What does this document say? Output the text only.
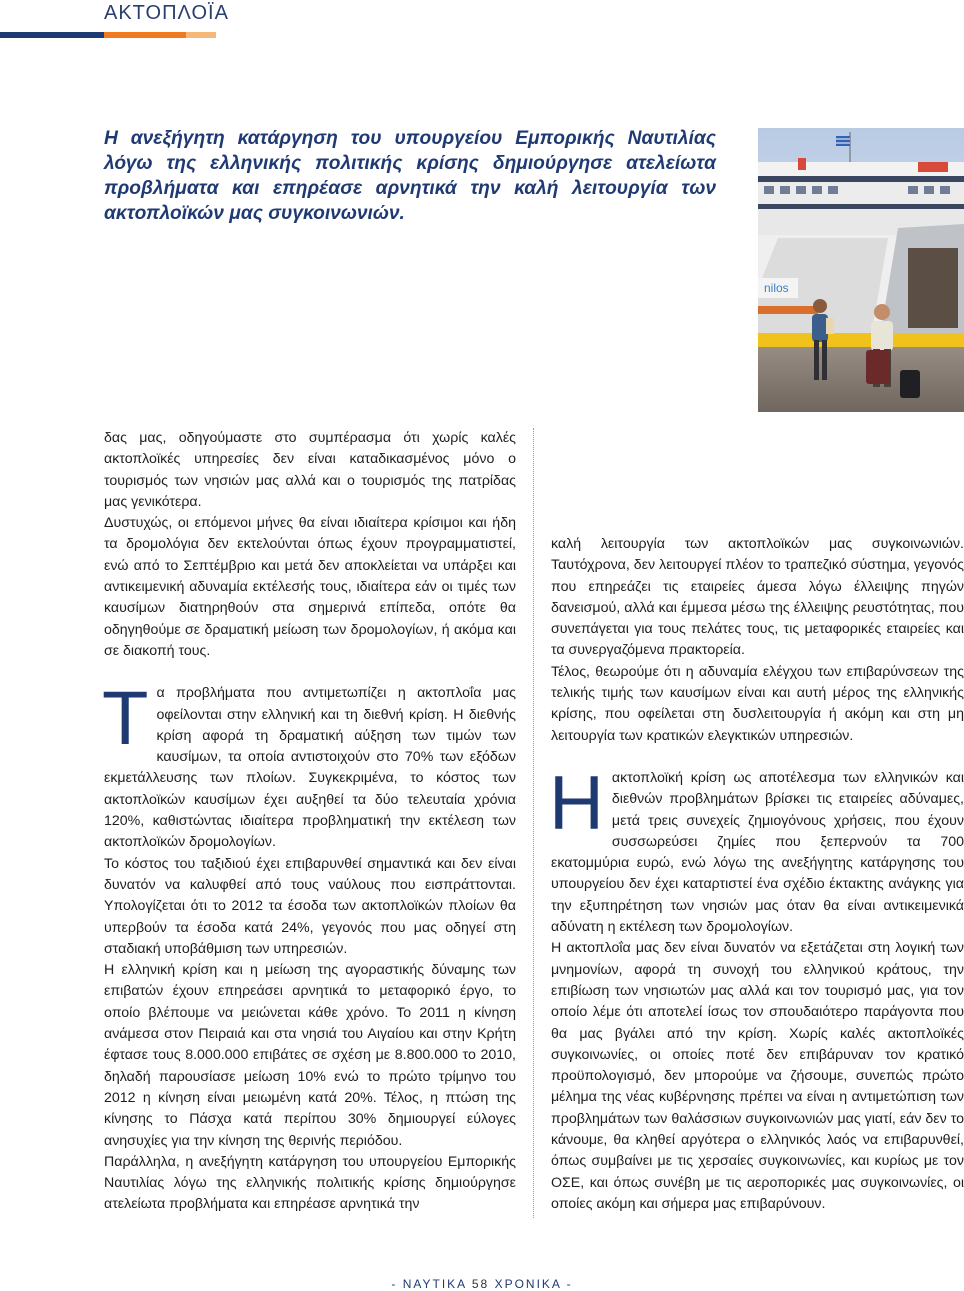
ΑΚΤΟΠΛΟΪΑ

Η ανεξήγητη κατάργηση του υπουργείου Εμπορικής Ναυτιλίας λόγω της ελληνικής πολιτικής κρίσης δημιούργησε ατελείωτα προβλήματα και επηρέασε αρνητικά την καλή λειτουργία των ακτοπλοϊκών μας συγκοινωνιών.

nilos

δας μας, οδηγούμαστε στο συμπέρασμα ότι χωρίς καλές ακτοπλοϊκές υπηρεσίες δεν είναι καταδικασμένος μόνο ο τουρισμός των νησιών μας αλλά και ο τουρισμός της πατρίδας μας γενικότερα.

Δυστυχώς, οι επόμενοι μήνες θα είναι ιδιαίτερα κρίσιμοι και ήδη τα δρομολόγια δεν εκτελούνται όπως έχουν προγραμματιστεί, ενώ από το Σεπτέμβριο και μετά δεν αποκλείεται να υπάρξει και αντικειμενική αδυναμία εκτέλεσής τους, ιδιαίτερα εάν οι τιμές των καυσίμων διατηρηθούν στα σημερινά επίπεδα, οπότε θα οδηγηθούμε σε δραματική μείωση των δρομολογίων, ή ακόμα και σε διακοπή τους.

Τα προβλήματα που αντιμετωπίζει η ακτοπλοΐα μας οφείλονται στην ελληνική και τη διεθνή κρίση. Η διεθνής κρίση αφορά τη δραματική αύξηση των τιμών των καυσίμων, τα οποία αντιστοιχούν στο 70% των εξόδων εκμετάλλευσης των πλοίων. Συγκεκριμένα, το κόστος των ακτοπλοϊκών καυσίμων έχει αυξηθεί τα δύο τελευταία χρόνια 120%, καθιστώντας ιδιαίτερα προβληματική την εκτέλεση των ακτοπλοϊκών δρομολογίων.

Το κόστος του ταξιδιού έχει επιβαρυνθεί σημαντικά και δεν είναι δυνατόν να καλυφθεί από τους ναύλους που εισπράττονται. Υπολογίζεται ότι το 2012 τα έσοδα των ακτοπλοϊκών πλοίων θα υπερβούν τα έσοδα κατά 24%, γεγονός που μας οδηγεί στη σταδιακή υποβάθμιση των υπηρεσιών.

Η ελληνική κρίση και η μείωση της αγοραστικής δύναμης των επιβατών έχουν επηρεάσει αρνητικά το μεταφορικό έργο, το οποίο βλέπουμε να μειώνεται κάθε χρόνο. Το 2011 η κίνηση ανάμεσα στον Πειραιά και στα νησιά του Αιγαίου και στην Κρήτη έφτασε τους 8.000.000 επιβάτες σε σχέση με 8.800.000 το 2010, δηλαδή παρουσίασε μείωση 10% ενώ το πρώτο τρίμηνο του 2012 η κίνηση είναι μειωμένη κατά 20%. Τέλος, η πτώση της κίνησης το Πάσχα κατά περίπου 30% δημιουργεί εύλογες ανησυχίες για την κίνηση της θερινής περιόδου.

Παράλληλα, η ανεξήγητη κατάργηση του υπουργείου Εμπορικής Ναυτιλίας λόγω της ελληνικής πολιτικής κρίσης δημιούργησε ατελείωτα προβλήματα και επηρέασε αρνητικά την

καλή λειτουργία των ακτοπλοϊκών μας συγκοινωνιών. Ταυτόχρονα, δεν λειτουργεί πλέον το τραπεζικό σύστημα, γεγονός που επηρεάζει τις εταιρείες άμεσα λόγω έλλειψης πηγών δανεισμού, αλλά και έμμεσα μέσω της έλλειψης ρευστότητας, που συνεπάγεται για τους πελάτες τους, τις μεταφορικές εταιρείες και τα συνεργαζόμενα πρακτορεία.

Τέλος, θεωρούμε ότι η αδυναμία ελέγχου των επιβαρύνσεων της τελικής τιμής των καυσίμων είναι και αυτή μέρος της ελληνικής κρίσης, που οφείλεται στη δυσλειτουργία ή ακόμη και στη μη λειτουργία των κρατικών ελεγκτικών υπηρεσιών.

Ηακτοπλοϊκή κρίση ως αποτέλεσμα των ελληνικών και διεθνών προβλημάτων βρίσκει τις εταιρείες αδύναμες, μετά τρεις συνεχείς ζημιογόνους χρήσεις, που έχουν συσσωρεύσει ζημίες που ξεπερνούν τα 700 εκατομμύρια ευρώ, ενώ λόγω της ανεξήγητης κατάργησης του υπουργείου δεν έχει καταρτιστεί ένα σχέδιο έκτακτης ανάγκης για την εξυπηρέτηση των νησιών μας όταν θα είναι αντικειμενικά αδύνατη η εκτέλεση των δρομολογίων.

Η ακτοπλοΐα μας δεν είναι δυνατόν να εξετάζεται στη λογική των μνημονίων, αφορά τη συνοχή του ελληνικού κράτους, την επιβίωση των νησιωτών μας αλλά και τον τουρισμό μας, για τον οποίο λέμε ότι αποτελεί ίσως τον σπουδαιότερο παράγοντα που θα μας βγάλει από την κρίση. Χωρίς καλές ακτοπλοϊκές συγκοινωνίες, οι οποίες ποτέ δεν επιβάρυναν τον κρατικό προϋπολογισμό, δεν μπορούμε να ζήσουμε, συνεπώς πρώτο μέλημα της νέας κυβέρνησης πρέπει να είναι η αντιμετώπιση των προβλημάτων των θαλάσσιων συγκοινωνιών μας γιατί, εάν δεν το κάνουμε, θα κληθεί αργότερα ο ελληνικός λαός να επιβαρυνθεί, όπως συμβαίνει με τις χερσαίες συγκοινωνίες, και κυρίως με τον ΟΣΕ, και όπως συνέβη με τις αεροπορικές μας συγκοινωνίες, οι οποίες ακόμη και σήμερα μας επιβαρύνουν.

- ΝΑΥΤΙΚΑ 58 ΧΡΟΝΙΚΑ -
